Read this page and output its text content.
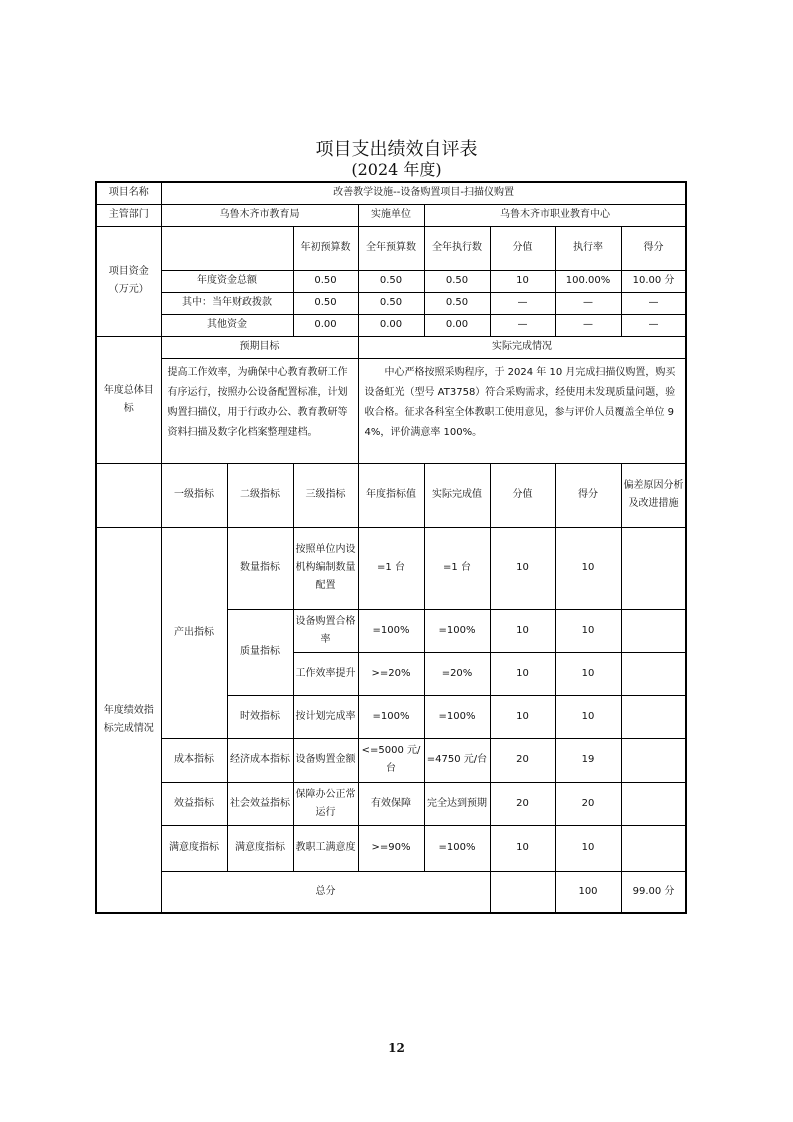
项目支出绩效自评表
(2024 年度)
项目名称	改善教学设施--设备购置项目-扫描仪购置								
主管部门	乌鲁木齐市教育局			实施单位	乌鲁木齐市职业教育中心				
项目资金（万元）			年初预算数	全年预算数	全年执行数	分值	执行率	得分	
	年度资金总额		0.50	0.50	0.50	10	100.00%	10.00 分	
	其中：当年财政拨款		0.50	0.50	0.50	—	—	—	
	其他资金		0.00	0.00	0.00	—	—	—	
年度总体目标	预期目标			实际完成情况					
	提高工作效率，为确保中心教育教研工作有序运行，按照办公设备配置标准，计划购置扫描仪，用于行政办公、教育教研等资料扫描及数字化档案整理建档。			中心严格按照采购程序，于 2024 年 10 月完成扫描仪购置，购买设备虹光（型号 AT3758）符合采购需求，经使用未发现质量问题，验收合格。征求各科室全体教职工使用意见，参与评价人员覆盖全单位 94%，评价满意率 100%。					
	一级指标	二级指标	三级指标	年度指标值	实际完成值	分值	得分	偏差原因分析及改进措施	
年度绩效指标完成情况	产出指标	数量指标	按照单位内设机构编制数量配置	=1 台	=1 台	10	10		
		质量指标	设备购置合格率	=100%	=100%	10	10		
			工作效率提升	>=20%	=20%	10	10		
		时效指标	按计划完成率	=100%	=100%	10	10		
	成本指标	经济成本指标	设备购置金额	<=5000 元/台	=4750 元/台	20	19		
	效益指标	社会效益指标	保障办公正常运行	有效保障	完全达到预期	20	20		
	满意度指标	满意度指标	教职工满意度	>=90%	=100%	10	10		
	总分						100	99.00 分	
12
